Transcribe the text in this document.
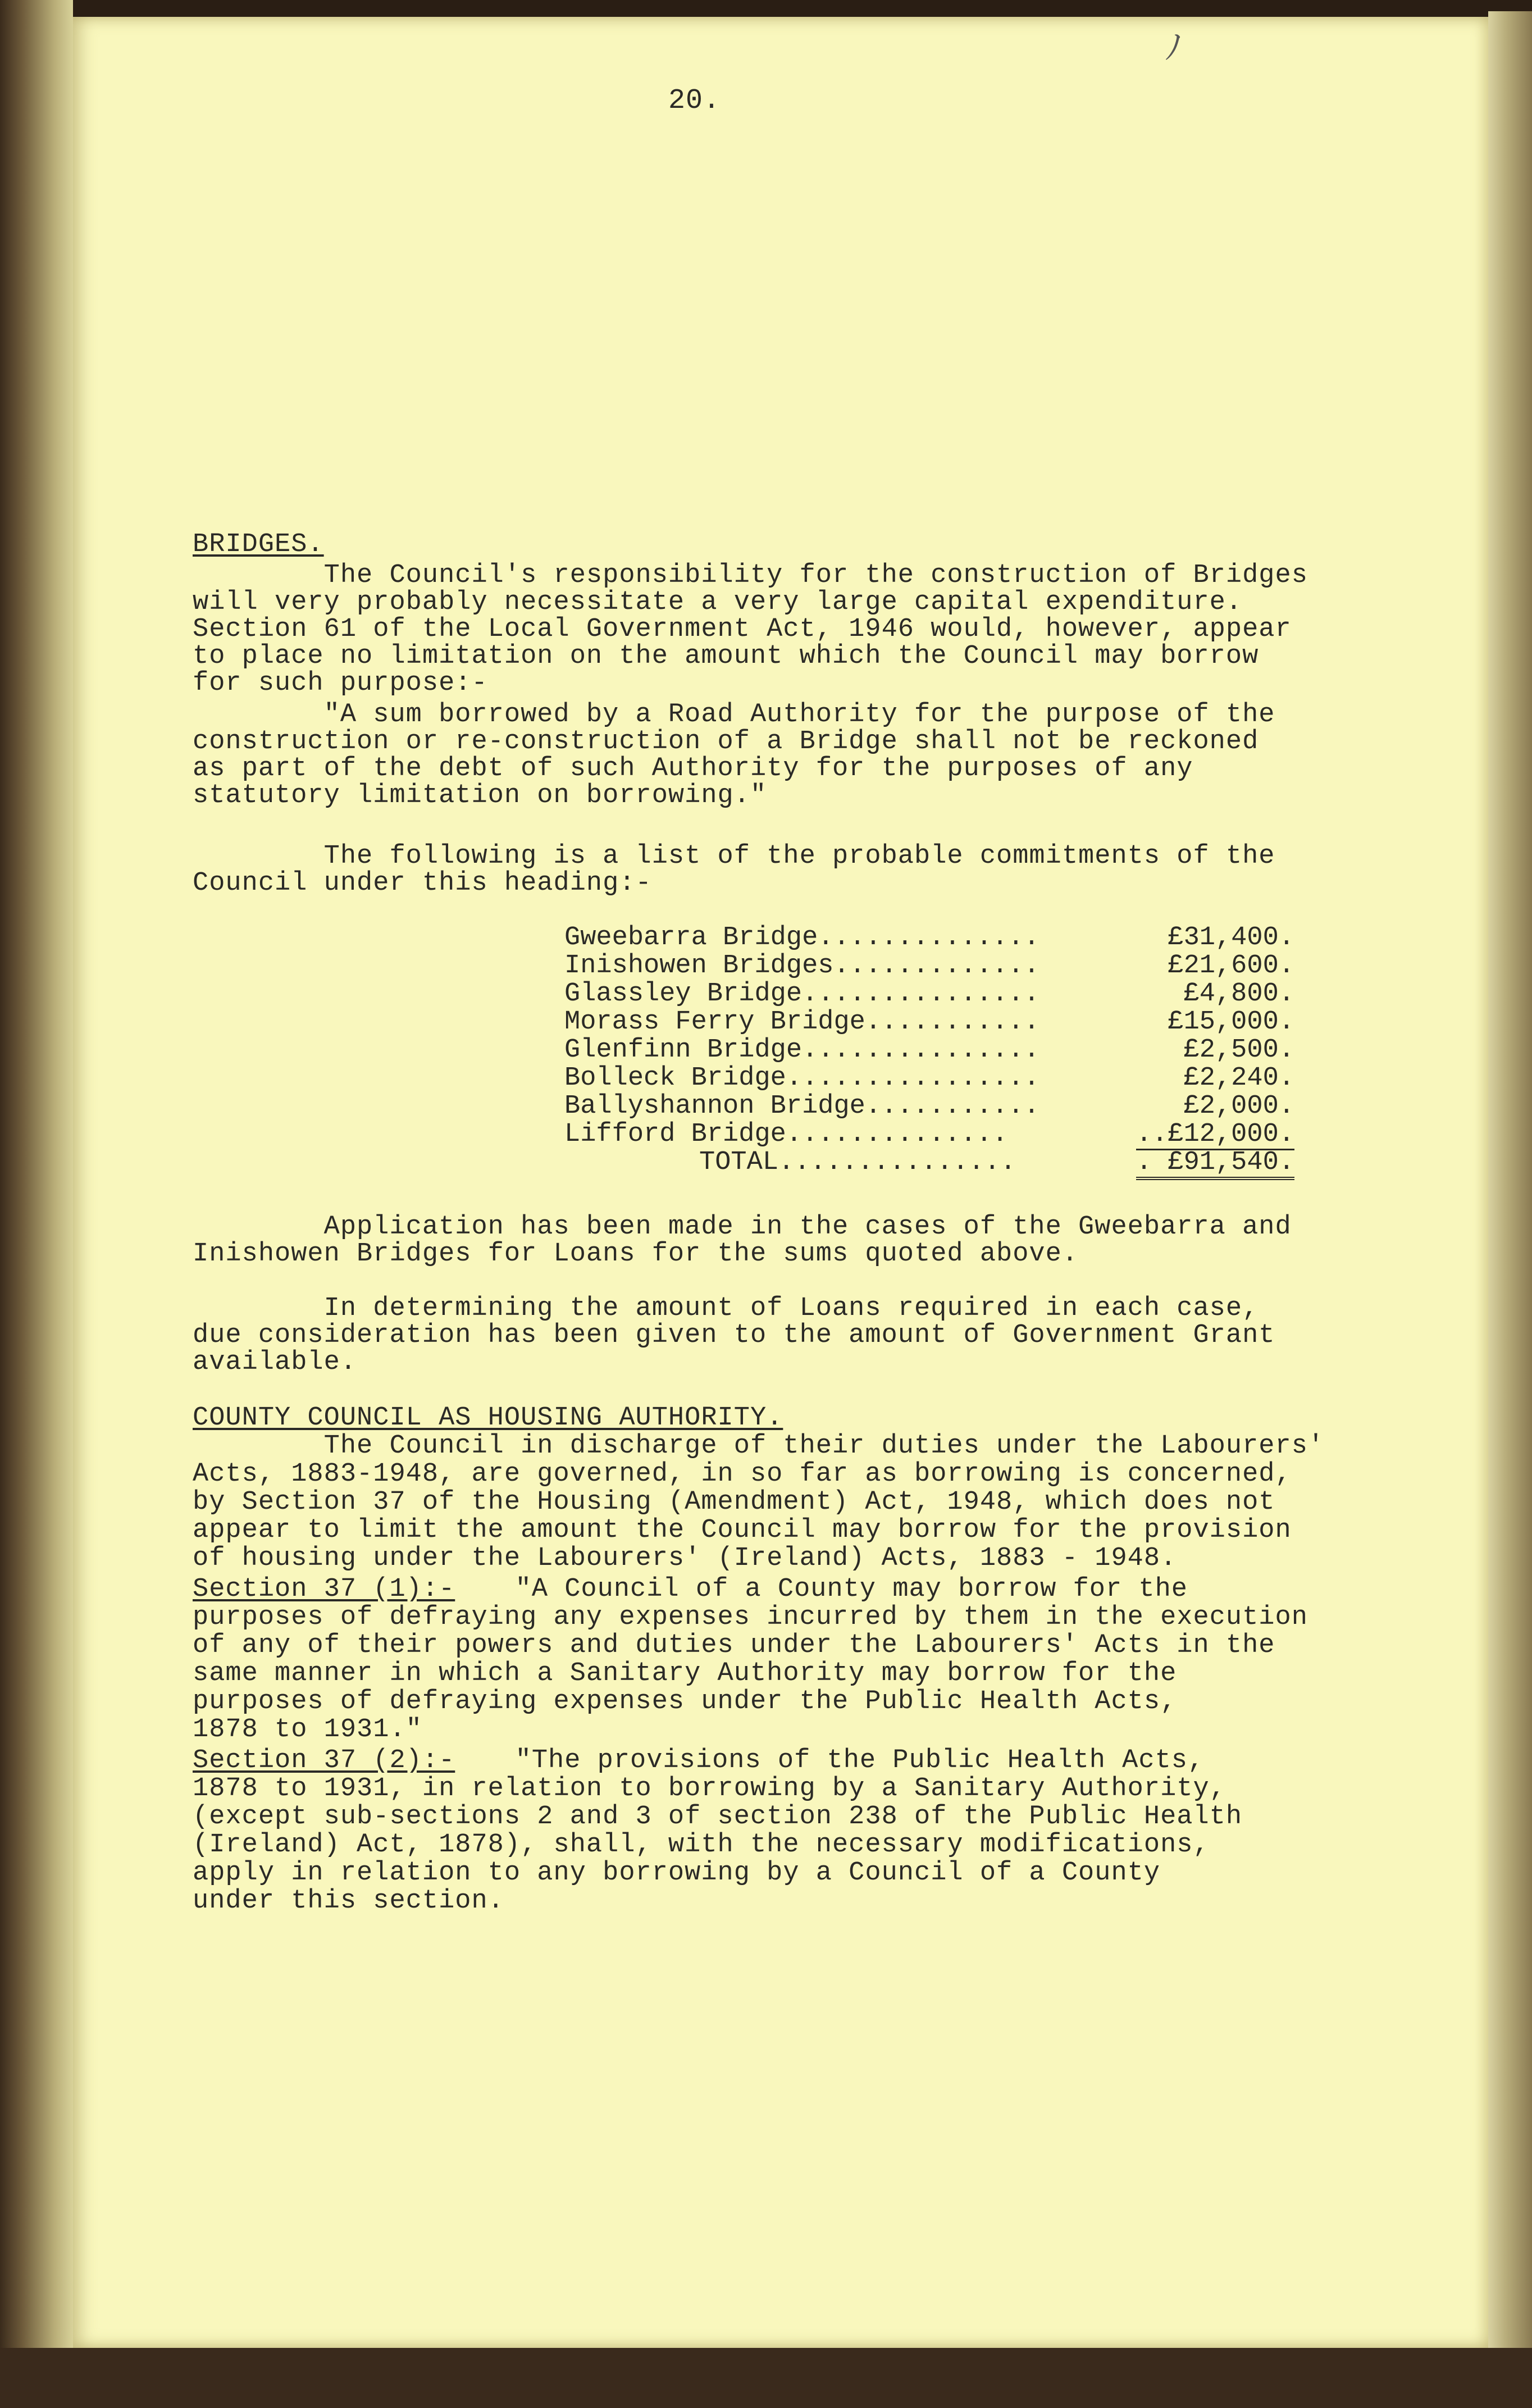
ﾉ
20.
BRIDGES.
The Council's responsibility for the construction of Bridges
will very probably necessitate a very large capital expenditure.
Section 61 of the Local Government Act, 1946 would, however, appear
to place no limitation on the amount which the Council may borrow
for such purpose:-
"A sum borrowed by a Road Authority for the purpose of the
construction or re-construction of a Bridge shall not be reckoned
as part of the debt of such Authority for the purposes of any
statutory limitation on borrowing."
The following is a list of the probable commitments of the
Council under this heading:-
Gweebarra Bridge..............	£31,400.
Inishowen Bridges.............	£21,600.
Glassley Bridge...............	£4,800.
Morass Ferry Bridge...........	£15,000.
Glenfinn Bridge...............	£2,500.
Bolleck Bridge................	£2,240.
Ballyshannon Bridge...........	£2,000.
Lifford Bridge..............	..£12,000.
TOTAL...............	. £91,540.
Application has been made in the cases of the Gweebarra and
Inishowen Bridges for Loans for the sums quoted above.
In determining the amount of Loans required in each case,
due consideration has been given to the amount of Government Grant
available.
COUNTY COUNCIL AS HOUSING AUTHORITY.
The Council in discharge of their duties under the Labourers'
Acts, 1883-1948, are governed, in so far as borrowing is concerned,
by Section 37 of the Housing (Amendment) Act, 1948, which does not
appear to limit the amount the Council may borrow for the provision
of housing under the Labourers' (Ireland) Acts, 1883 - 1948.
Section 37 (1):- "A Council of a County may borrow for the
purposes of defraying any expenses incurred by them in the execution
of any of their powers and duties under the Labourers' Acts in the
same manner in which a Sanitary Authority may borrow for the
purposes of defraying expenses under the Public Health Acts,
1878 to 1931."
Section 37 (2):- "The provisions of the Public Health Acts,
1878 to 1931, in relation to borrowing by a Sanitary Authority,
(except sub-sections 2 and 3 of section 238 of the Public Health
(Ireland) Act, 1878), shall, with the necessary modifications,
apply in relation to any borrowing by a Council of a County
under this section.
